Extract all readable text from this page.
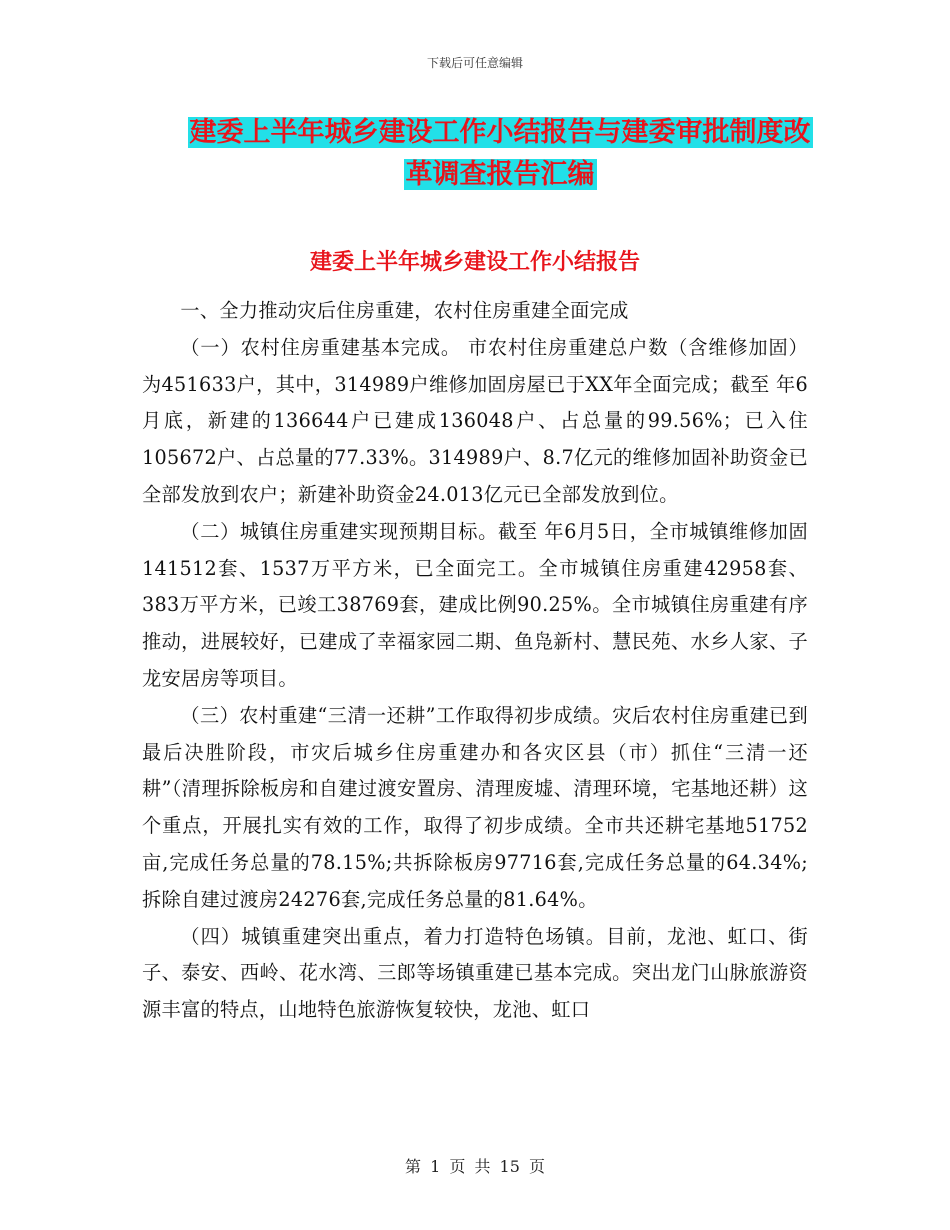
下载后可任意编辑
建委上半年城乡建设工作小结报告与建委审批制度改
革调查报告汇编
建委上半年城乡建设工作小结报告

一、全力推动灾后住房重建，农村住房重建全面完成

（一）农村住房重建基本完成。 市农村住房重建总户数（含维修加固）为451633户，其中，314989户维修加固房屋已于XX年全面完成；截至 年6月底，新建的136644户已建成136048户、占总量的99.56%；已入住105672户、占总量的77.33%。314989户、8.7亿元的维修加固补助资金已全部发放到农户；新建补助资金24.013亿元已全部发放到位。

（二）城镇住房重建实现预期目标。截至 年6月5日，全市城镇维修加固141512套、1537万平方米，已全面完工。全市城镇住房重建42958套、383万平方米，已竣工38769套，建成比例90.25%。全市城镇住房重建有序推动，进展较好，已建成了幸福家园二期、鱼凫新村、慧民苑、水乡人家、子龙安居房等项目。

（三）农村重建“三清一还耕”工作取得初步成绩。灾后农村住房重建已到最后决胜阶段，市灾后城乡住房重建办和各灾区县（市）抓住“三清一还耕”（清理拆除板房和自建过渡安置房、清理废墟、清理环境，宅基地还耕）这个重点，开展扎实有效的工作，取得了初步成绩。全市共还耕宅基地51752亩,完成任务总量的78.15%;共拆除板房97716套,完成任务总量的64.34%;拆除自建过渡房24276套,完成任务总量的81.64%。

（四）城镇重建突出重点，着力打造特色场镇。目前，龙池、虹口、街子、泰安、西岭、花水湾、三郎等场镇重建已基本完成。突出龙门山脉旅游资源丰富的特点，山地特色旅游恢复较快，龙池、虹口

第 1 页 共 15 页
